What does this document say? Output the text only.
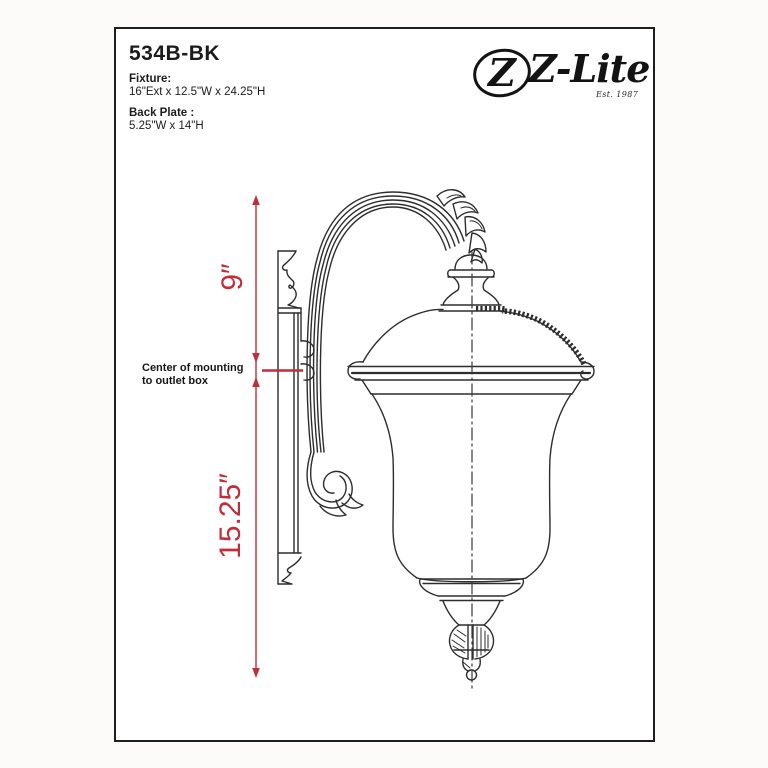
534B-BK
Fixture:
16"Ext x 12.5"W x 24.25"H
Back Plate :
5.25"W x 14"H
Z Z-Lite
Est. 1987
Center of mounting
to outlet box
9″
15.25″
